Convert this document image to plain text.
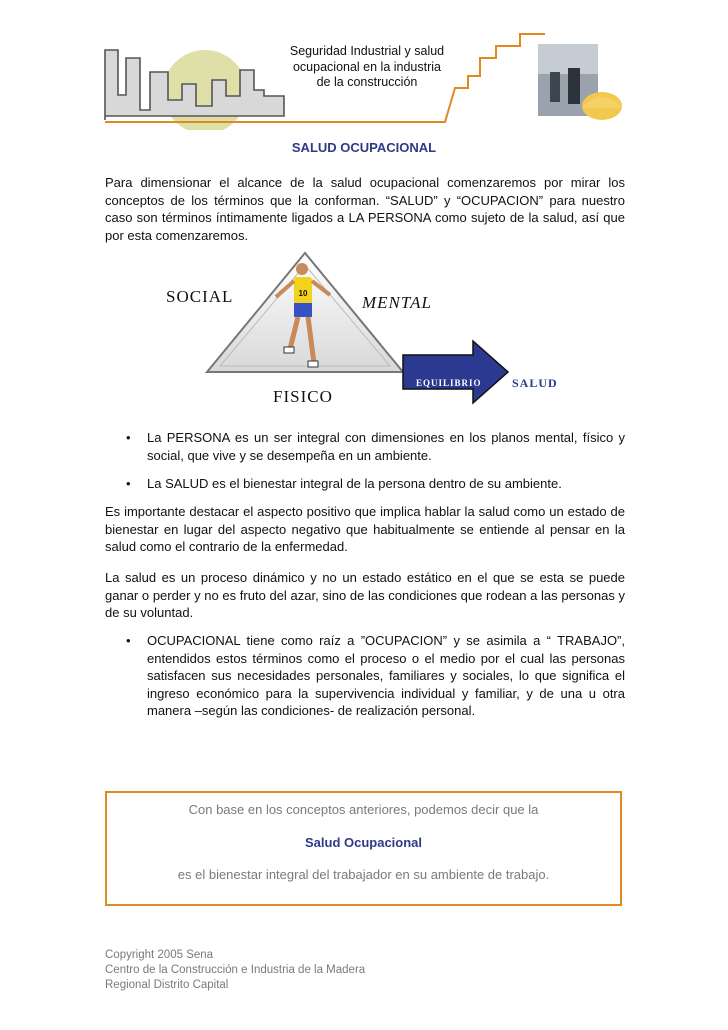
Seguridad Industrial y salud
ocupacional en la industria
de la construcción
SALUD OCUPACIONAL
Para dimensionar el alcance de la salud ocupacional comenzaremos por mirar los conceptos de los términos que la conforman. “SALUD” y “OCUPACION” para nuestro caso son términos íntimamente ligados a LA PERSONA como sujeto de la salud, así que por esta comenzaremos.
10
SOCIAL	MENTAL
FISICO
EQUILIBRIO	SALUD
• La PERSONA es un ser integral con dimensiones en los planos mental, físico y social, que vive y se desempeña en un ambiente.
• La SALUD es el bienestar integral de la persona dentro de su ambiente.
Es importante destacar el aspecto positivo que implica hablar la salud como un estado de bienestar en lugar del aspecto negativo que habitualmente se entiende al pensar en la salud como el contrario de la enfermedad.
La salud es un proceso dinámico y no un estado estático en el que se esta se puede ganar o perder y no es fruto del azar, sino de las condiciones que rodean a las personas y de su voluntad.
• OCUPACIONAL tiene como raíz a ”OCUPACION” y se asimila a “ TRABAJO”, entendidos estos términos como el proceso o el medio por el cual las personas satisfacen sus necesidades personales, familiares y sociales, lo que significa el ingreso económico para la supervivencia individual y familiar, y de una u otra manera –según las condiciones- de realización personal.
Con base en los conceptos anteriores, podemos decir que la
Salud Ocupacional
es el bienestar integral del trabajador en su ambiente de trabajo.
Copyright 2005 Sena
Centro de la Construcción e Industria de la Madera
Regional Distrito Capital
